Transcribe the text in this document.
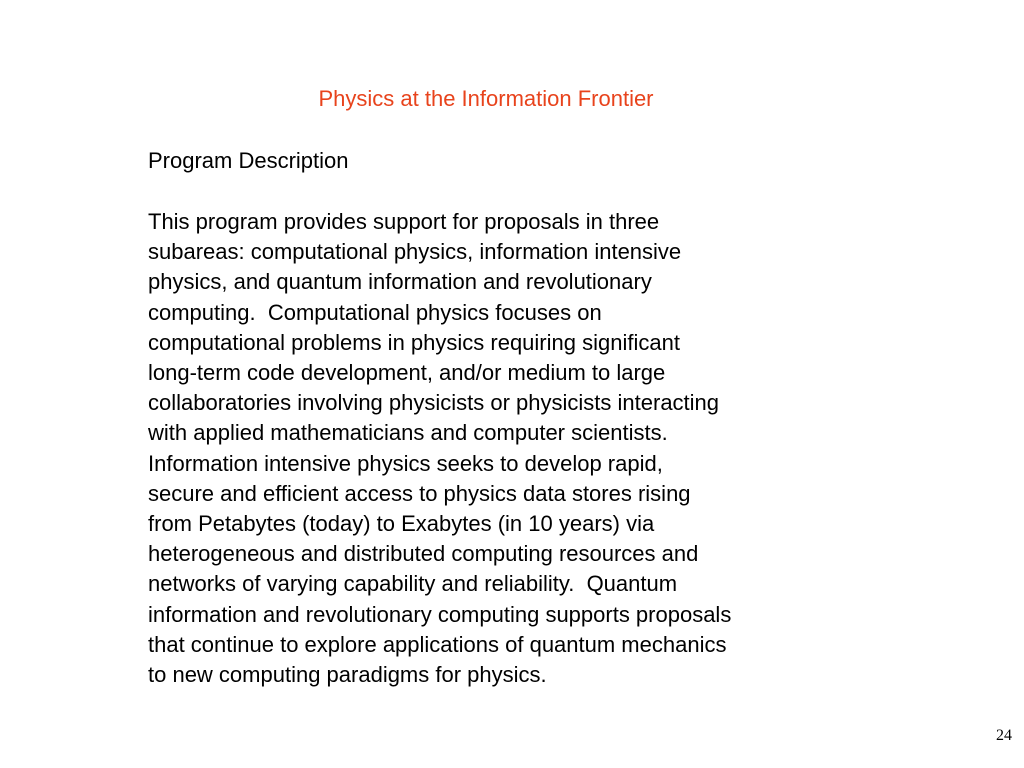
Physics at the Information Frontier
Program Description
This program provides support for proposals in three
subareas: computational physics, information intensive
physics, and quantum information and revolutionary
computing.  Computational physics focuses on
computational problems in physics requiring significant
long-term code development, and/or medium to large
collaboratories involving physicists or physicists interacting
with applied mathematicians and computer scientists.
Information intensive physics seeks to develop rapid,
secure and efficient access to physics data stores rising
from Petabytes (today) to Exabytes (in 10 years) via
heterogeneous and distributed computing resources and
networks of varying capability and reliability.  Quantum
information and revolutionary computing supports proposals
that continue to explore applications of quantum mechanics
to new computing paradigms for physics.
24
